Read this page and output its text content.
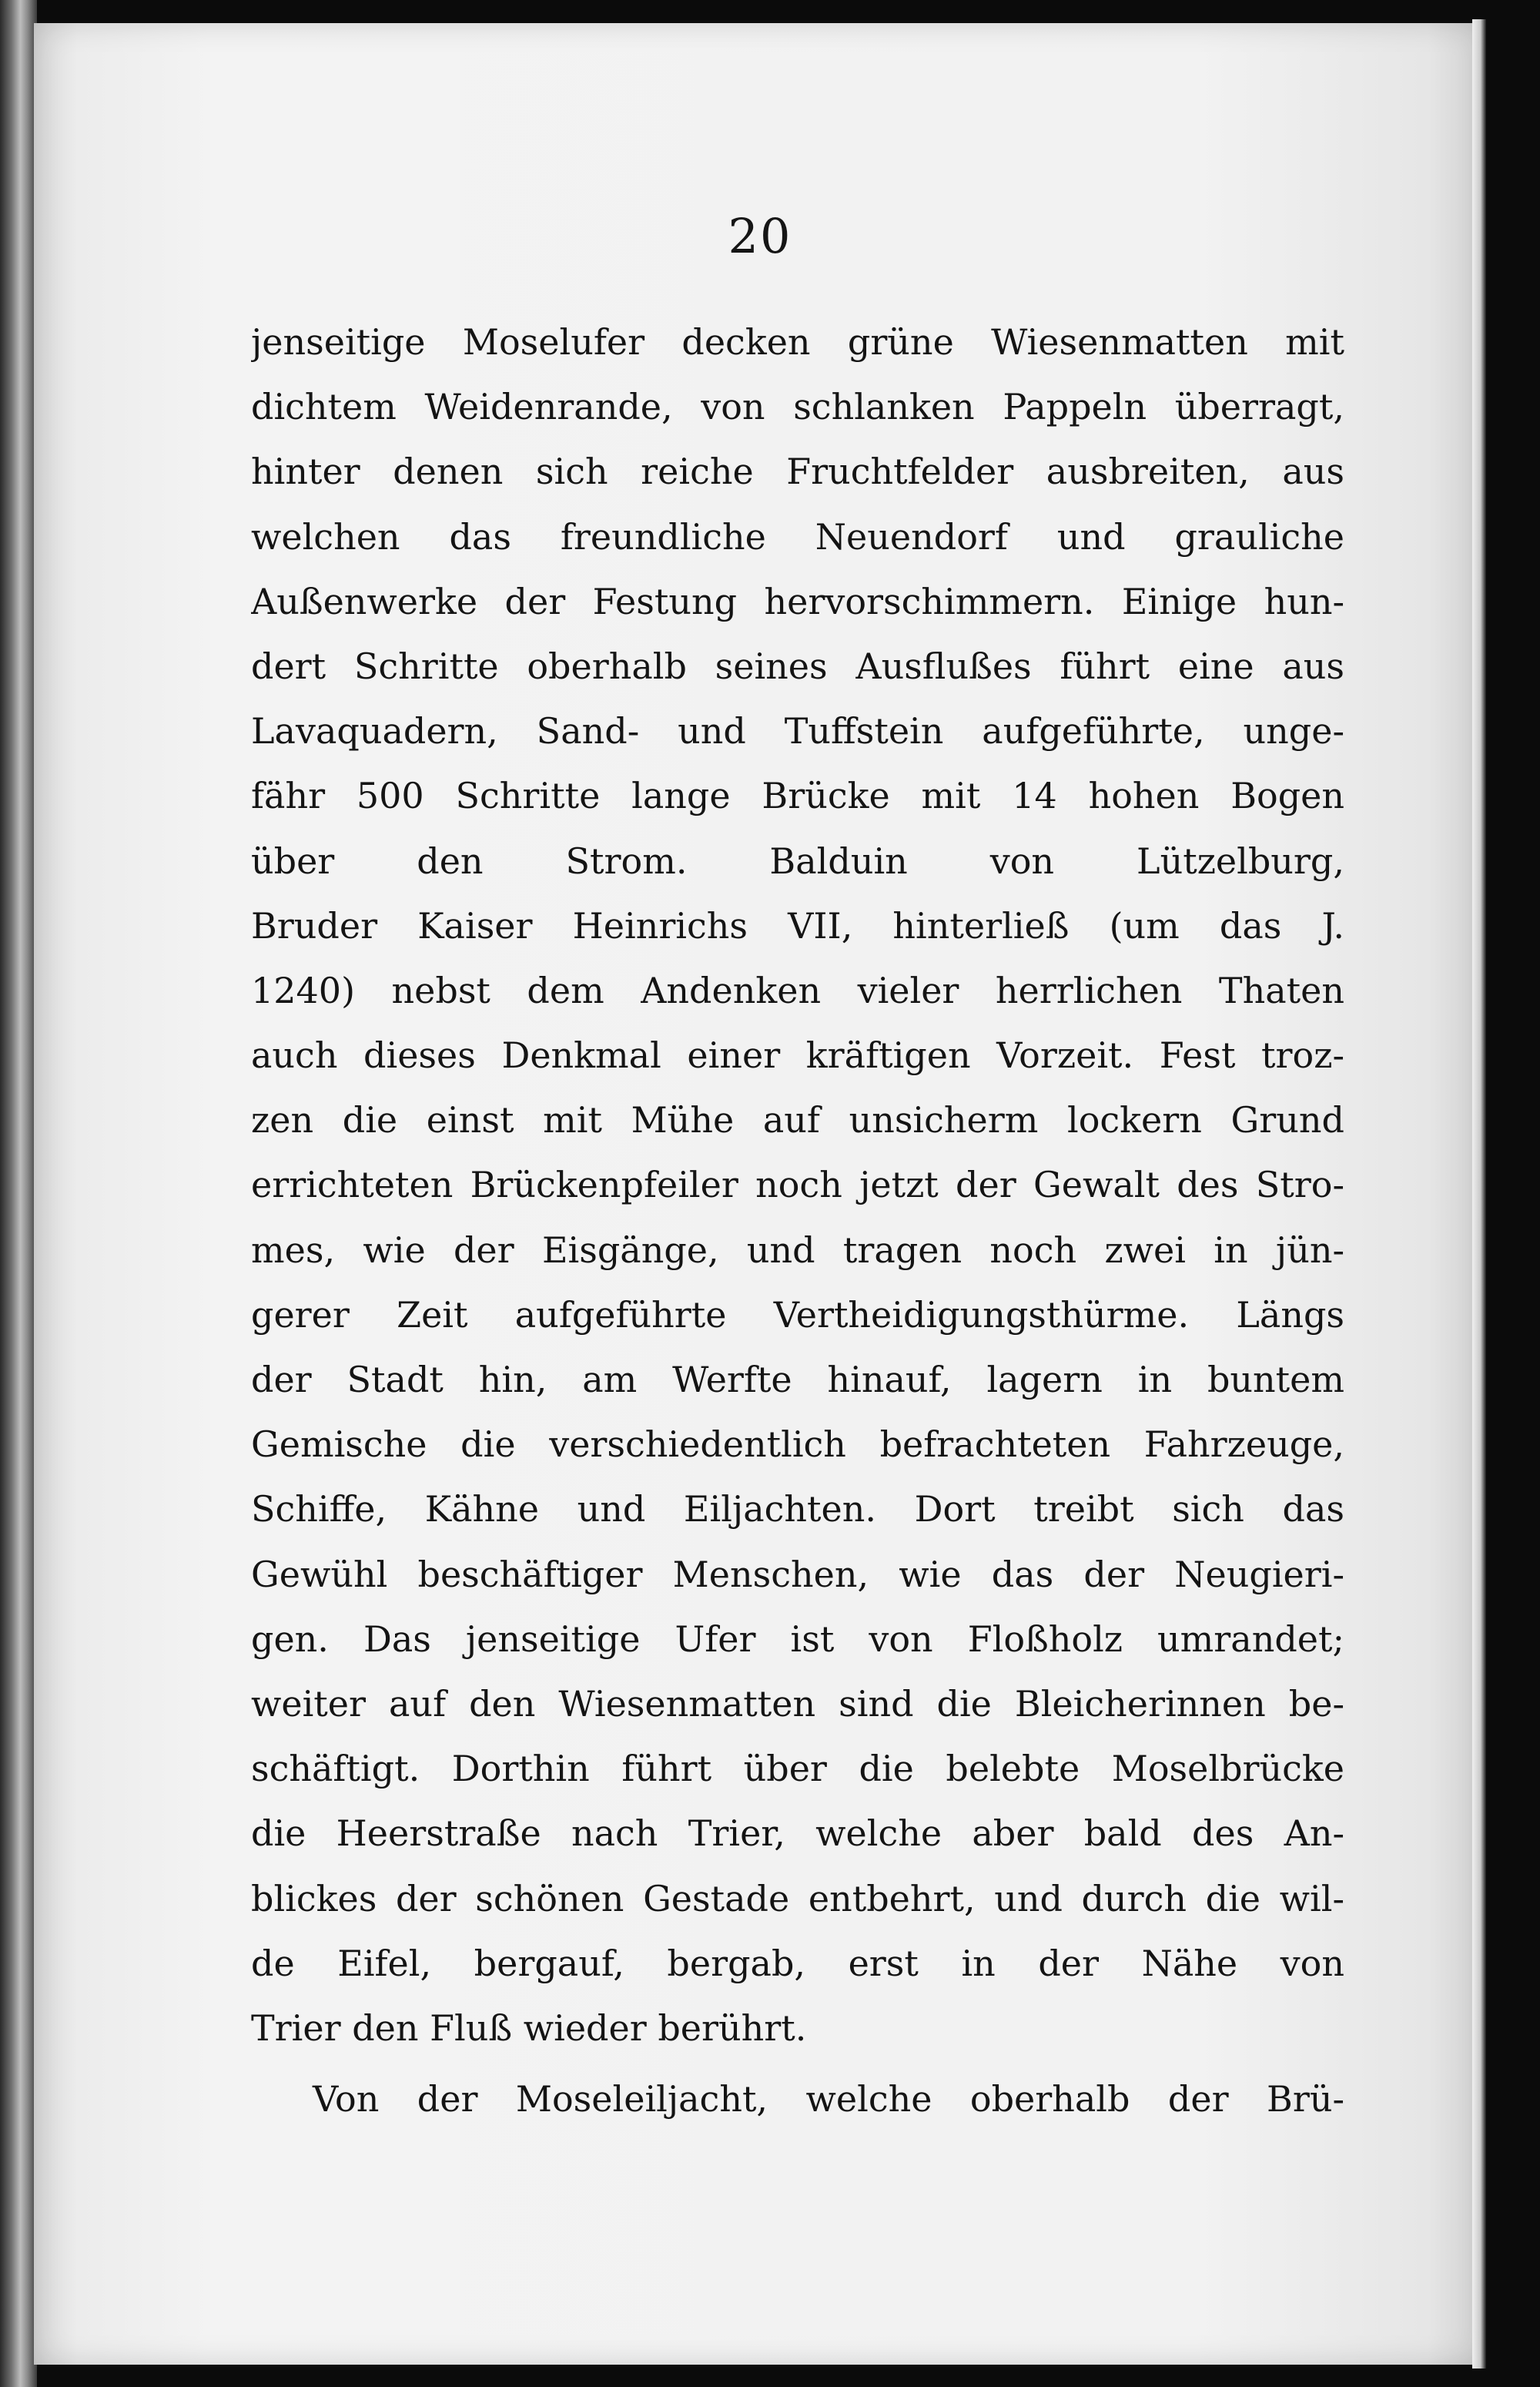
20
jenseitige Moselufer decken grüne Wiesenmatten mit
dichtem Weidenrande, von schlanken Pappeln überragt,
hinter denen sich reiche Fruchtfelder ausbreiten, aus
welchen das freundliche Neuendorf und grauliche
Außenwerke der Festung hervorschimmern. Einige hun-
dert Schritte oberhalb seines Ausflußes führt eine aus
Lavaquadern, Sand- und Tuffstein aufgeführte, unge-
fähr 500 Schritte lange Brücke mit 14 hohen Bogen
über den Strom. Balduin von Lützelburg,
Bruder Kaiser Heinrichs VII, hinterließ (um das J.
1240) nebst dem Andenken vieler herrlichen Thaten
auch dieses Denkmal einer kräftigen Vorzeit. Fest troz-
zen die einst mit Mühe auf unsicherm lockern Grund
errichteten Brückenpfeiler noch jetzt der Gewalt des Stro-
mes, wie der Eisgänge, und tragen noch zwei in jün-
gerer Zeit aufgeführte Vertheidigungsthürme. Längs
der Stadt hin, am Werfte hinauf, lagern in buntem
Gemische die verschiedentlich befrachteten Fahrzeuge,
Schiffe, Kähne und Eiljachten. Dort treibt sich das
Gewühl beschäftiger Menschen, wie das der Neugieri-
gen. Das jenseitige Ufer ist von Floßholz umrandet;
weiter auf den Wiesenmatten sind die Bleicherinnen be-
schäftigt. Dorthin führt über die belebte Moselbrücke
die Heerstraße nach Trier, welche aber bald des An-
blickes der schönen Gestade entbehrt, und durch die wil-
de Eifel, bergauf, bergab, erst in der Nähe von
Trier den Fluß wieder berührt.
Von der Moseleiljacht, welche oberhalb der Brü-
